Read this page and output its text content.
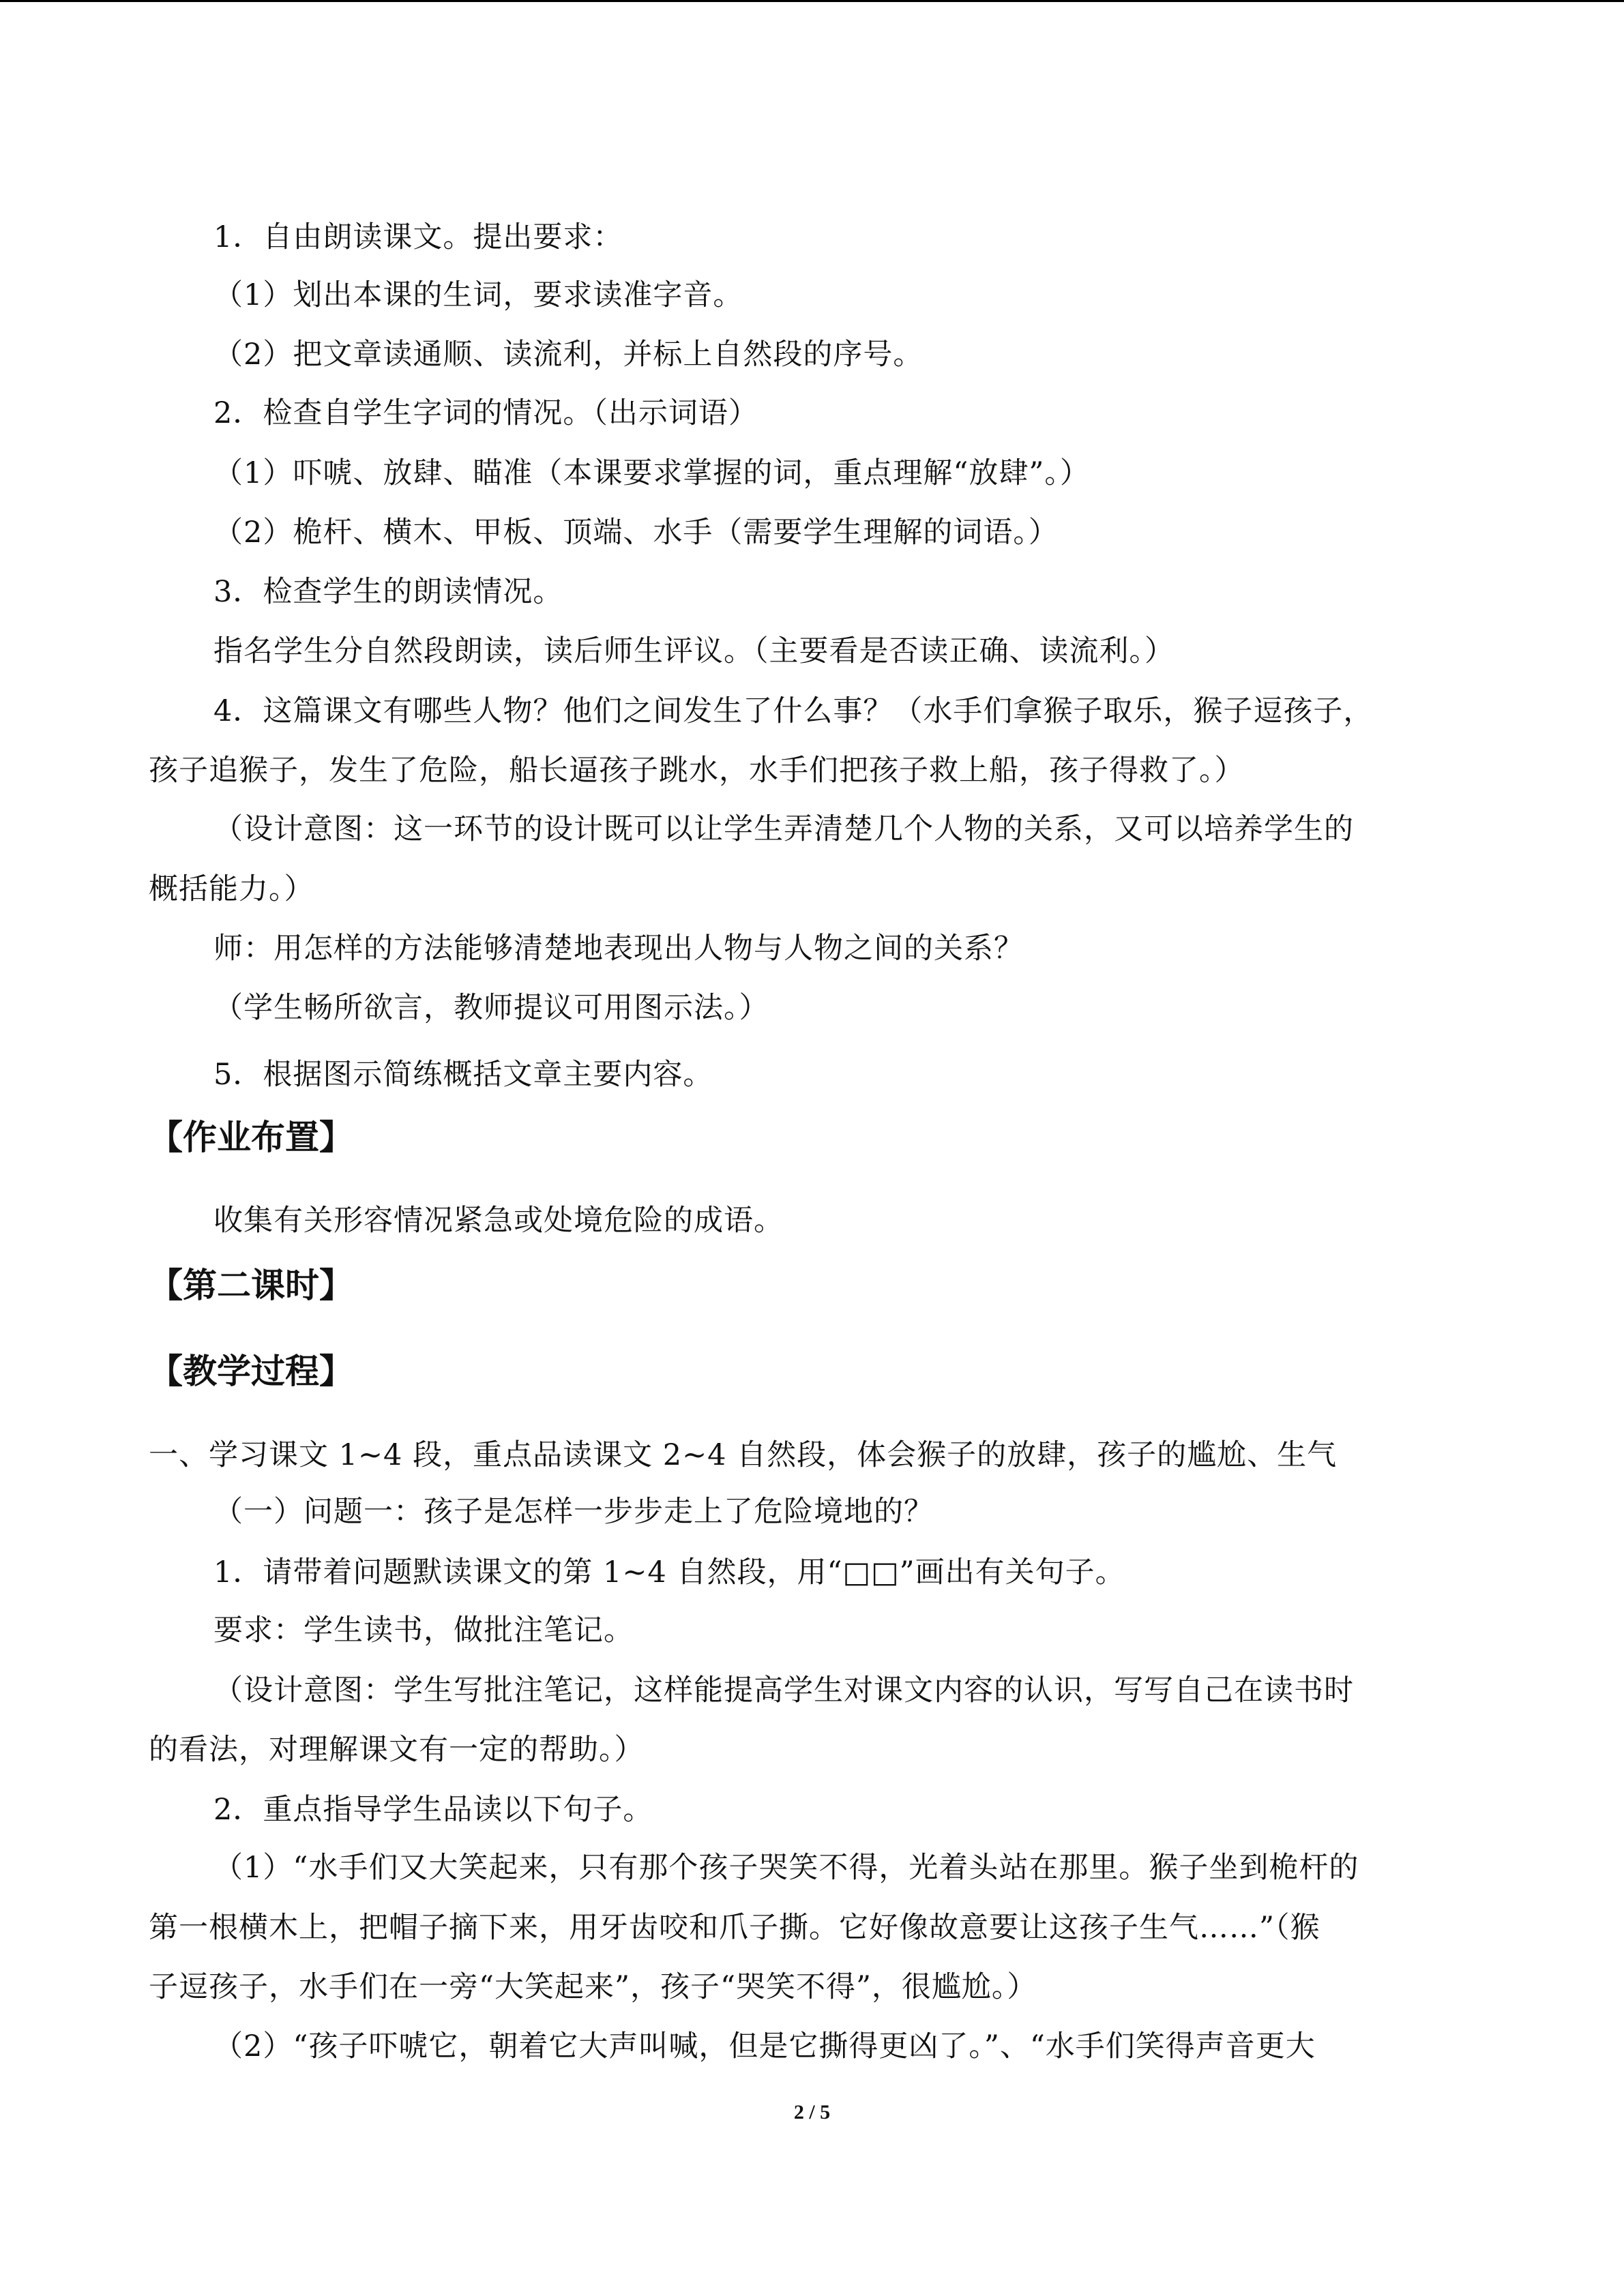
1．自由朗读课文。提出要求：
（1）划出本课的生词，要求读准字音。
（2）把文章读通顺、读流利，并标上自然段的序号。
2．检查自学生字词的情况。（出示词语）
（1）吓唬、放肆、瞄准（本课要求掌握的词，重点理解“放肆”。）
（2）桅杆、横木、甲板、顶端、水手（需要学生理解的词语。）
3．检查学生的朗读情况。
指名学生分自然段朗读，读后师生评议。（主要看是否读正确、读流利。）
4．这篇课文有哪些人物？他们之间发生了什么事？（水手们拿猴子取乐，猴子逗孩子，
孩子追猴子，发生了危险，船长逼孩子跳水，水手们把孩子救上船，孩子得救了。）
（设计意图：这一环节的设计既可以让学生弄清楚几个人物的关系，又可以培养学生的
概括能力。）
师：用怎样的方法能够清楚地表现出人物与人物之间的关系？
（学生畅所欲言，教师提议可用图示法。）
5．根据图示简练概括文章主要内容。
【作业布置】
收集有关形容情况紧急或处境危险的成语。
【第二课时】
【教学过程】
一、学习课文 1~4 段，重点品读课文 2~4 自然段，体会猴子的放肆，孩子的尴尬、生气
（一）问题一：孩子是怎样一步步走上了危险境地的？
1．请带着问题默读课文的第 1~4 自然段，用“□□”画出有关句子。
要求：学生读书，做批注笔记。
（设计意图：学生写批注笔记，这样能提高学生对课文内容的认识，写写自己在读书时
的看法，对理解课文有一定的帮助。）
2．重点指导学生品读以下句子。
（1）“水手们又大笑起来，只有那个孩子哭笑不得，光着头站在那里。猴子坐到桅杆的
第一根横木上，把帽子摘下来，用牙齿咬和爪子撕。它好像故意要让这孩子生气……”（猴
子逗孩子，水手们在一旁“大笑起来”，孩子“哭笑不得”，很尴尬。）
（2）“孩子吓唬它，朝着它大声叫喊，但是它撕得更凶了。”、“水手们笑得声音更大
2 / 5
